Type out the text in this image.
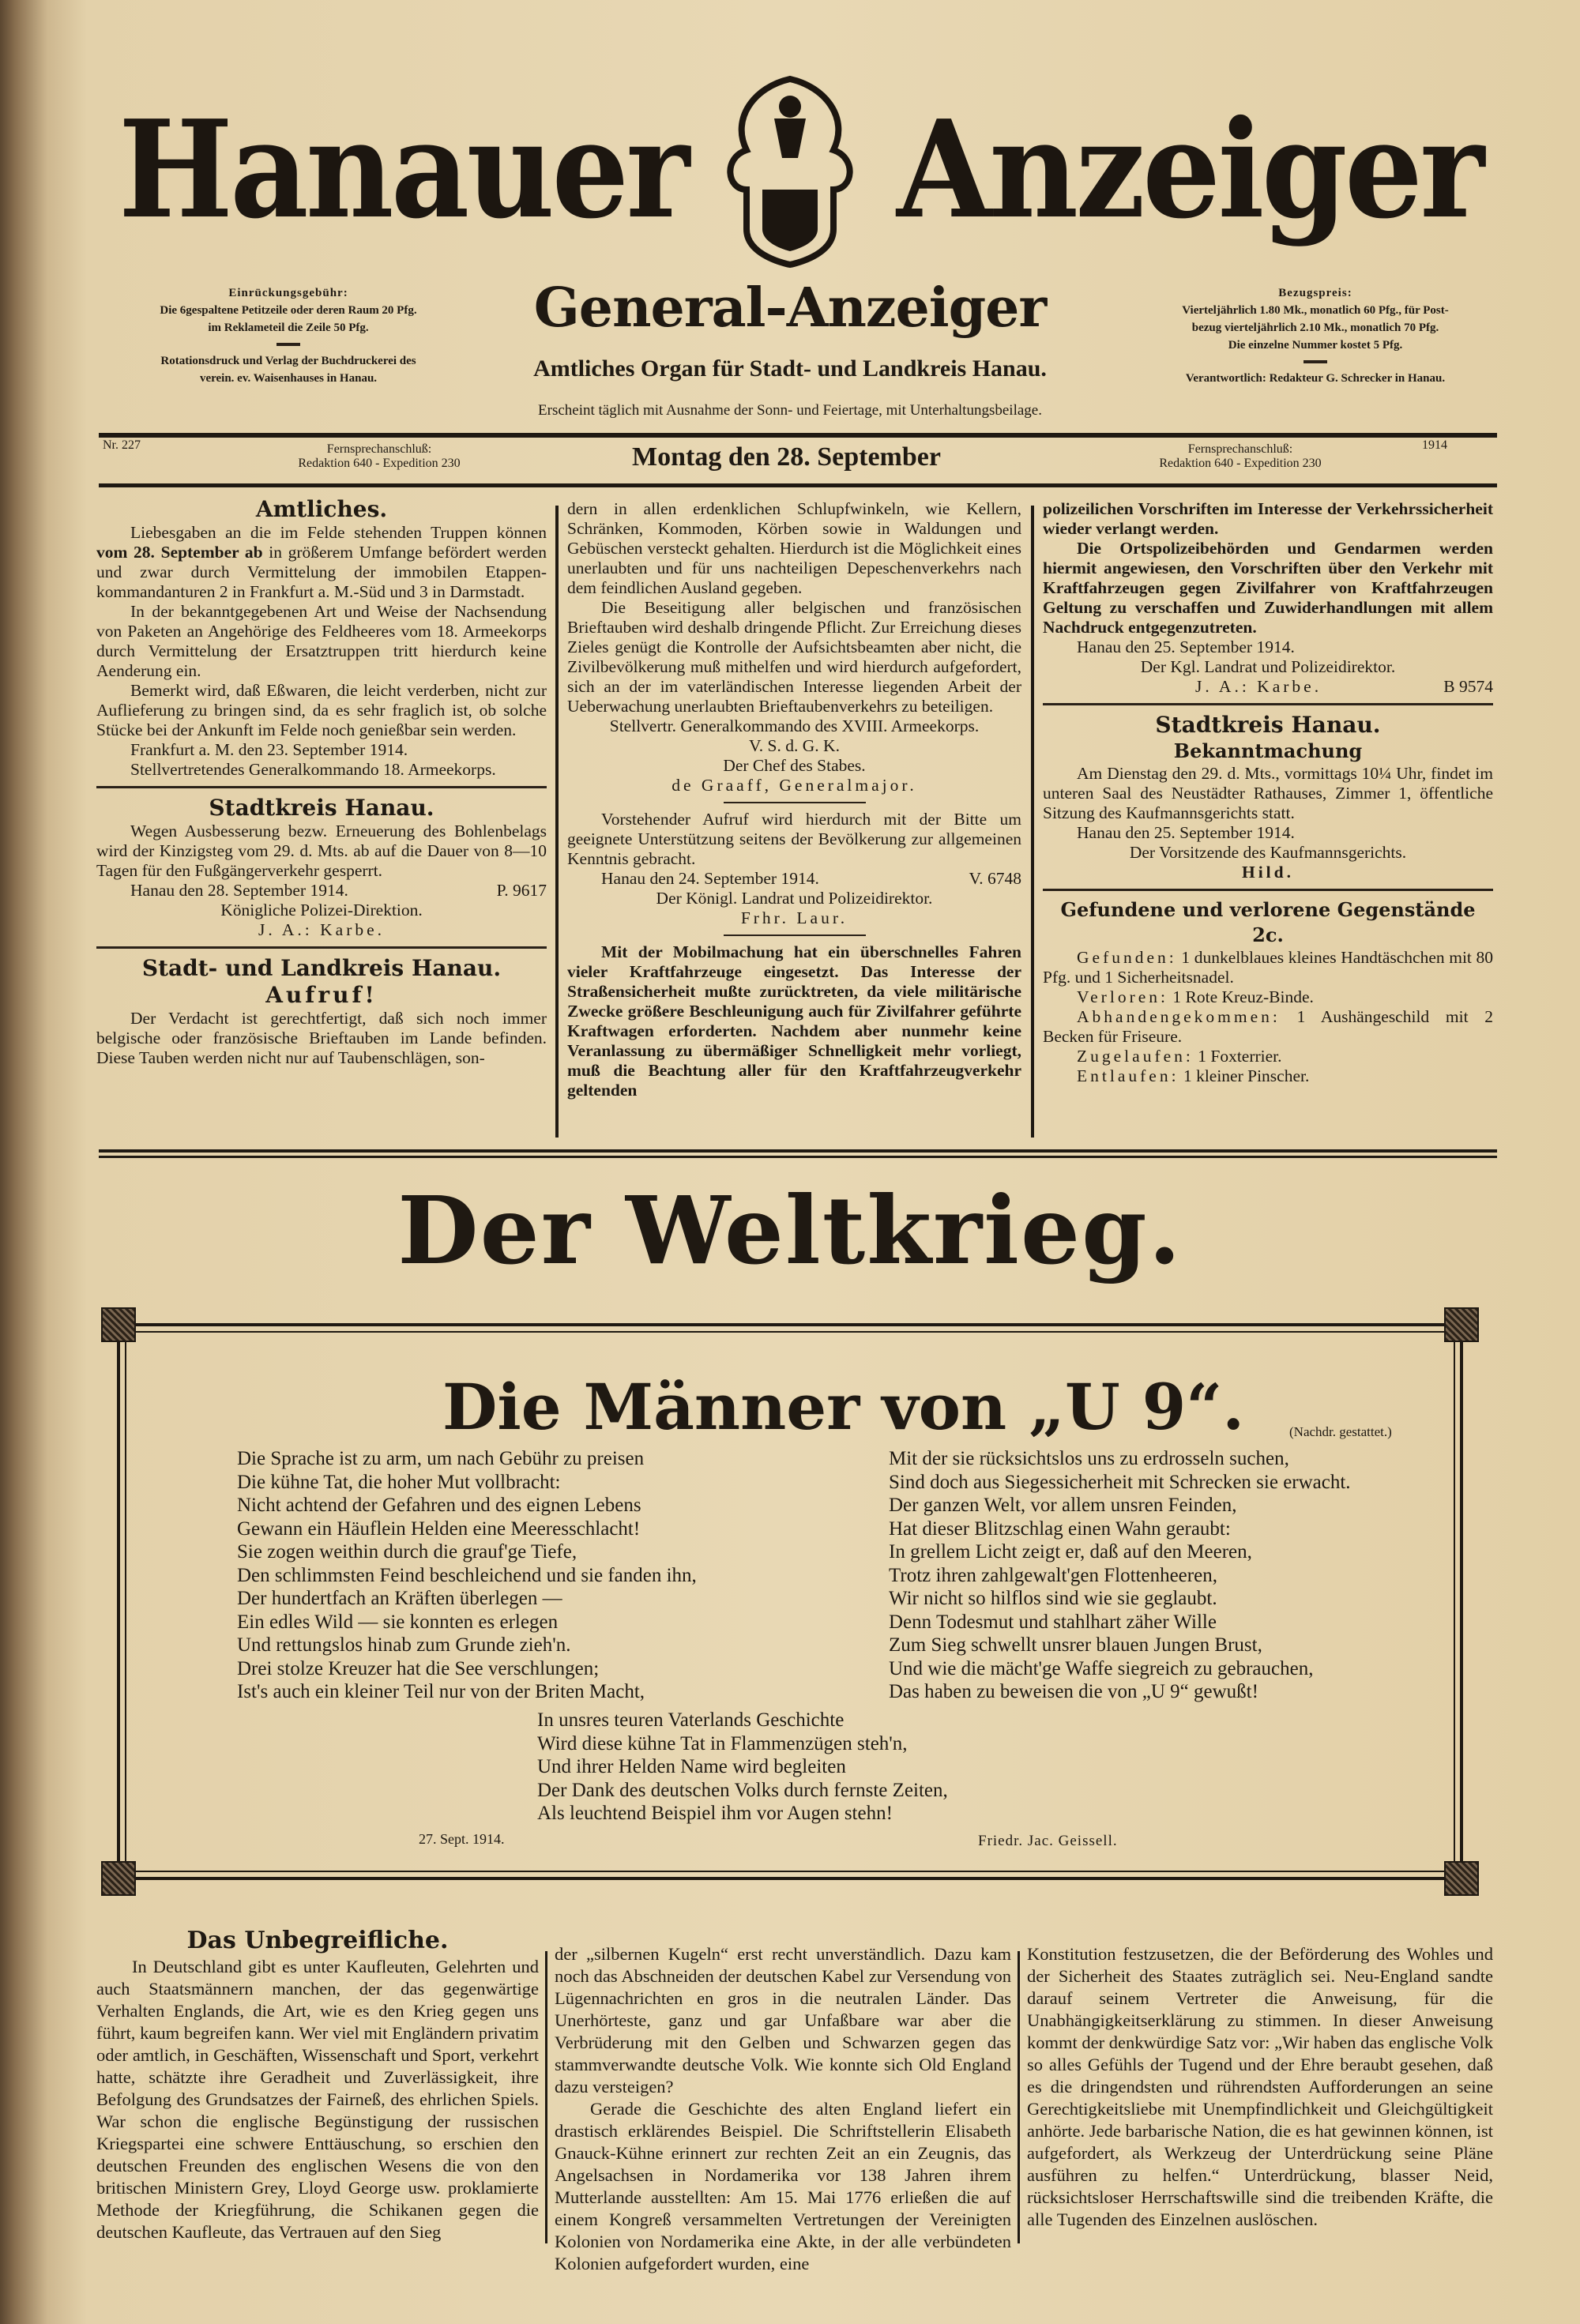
Hanauer Anzeiger
Einrückungsgebühr:
Die 6gespaltene Petitzeile oder deren Raum 20 Pfg.
im Reklameteil die Zeile 50 Pfg.
Rotationsdruck und Verlag der Buchdruckerei des
verein. ev. Waisenhauses in Hanau.
Bezugspreis:
Vierteljährlich 1.80 Mk., monatlich 60 Pfg., für Post-
bezug vierteljährlich 2.10 Mk., monatlich 70 Pfg.
Die einzelne Nummer kostet 5 Pfg.
Verantwortlich: Redakteur G. Schrecker in Hanau.
General-Anzeiger
Amtliches Organ für Stadt- und Landkreis Hanau.
Erscheint täglich mit Ausnahme der Sonn- und Feiertage, mit Unterhaltungsbeilage.
Nr. 227	Fernsprechanschluß:
Redaktion 640 - Expedition 230	Montag den 28. September	Fernsprechanschluß:
Redaktion 640 - Expedition 230
1914
Amtliches.

Liebesgaben an die im Felde stehenden Truppen können vom 28. September ab in größerem Umfange befördert werden und zwar durch Vermittelung der immobilen Etappen-kommandanturen 2 in Frankfurt a. M.-Süd und 3 in Darmstadt.

In der bekanntgegebenen Art und Weise der Nachsendung von Paketen an Angehörige des Feldheeres vom 18. Armeekorps durch Vermittelung der Ersatztruppen tritt hierdurch keine Aenderung ein.

Bemerkt wird, daß Eßwaren, die leicht verderben, nicht zur Auflieferung zu bringen sind, da es sehr fraglich ist, ob solche Stücke bei der Ankunft im Felde noch genießbar sein werden.

Frankfurt a. M. den 23. September 1914.

Stellvertretendes Generalkommando 18. Armeekorps.

Stadtkreis Hanau.

Wegen Ausbesserung bezw. Erneuerung des Bohlenbelags wird der Kinzigsteg vom 29. d. Mts. ab auf die Dauer von 8—10 Tagen für den Fußgängerverkehr gesperrt.

Hanau den 28. September 1914.	P. 9617

Königliche Polizei-Direktion.

J. A.: Karbe.

Stadt- und Landkreis Hanau.
Aufruf!

Der Verdacht ist gerechtfertigt, daß sich noch immer belgische oder französische Brieftauben im Lande befinden. Diese Tauben werden nicht nur auf Taubenschlägen, son-

dern in allen erdenklichen Schlupfwinkeln, wie Kellern, Schränken, Kommoden, Körben sowie in Waldungen und Gebüschen versteckt gehalten. Hierdurch ist die Möglichkeit eines unerlaubten und für uns nachteiligen Depeschenverkehrs nach dem feindlichen Ausland gegeben.

Die Beseitigung aller belgischen und französischen Brieftauben wird deshalb dringende Pflicht. Zur Erreichung dieses Zieles genügt die Kontrolle der Aufsichtsbeamten aber nicht, die Zivilbevölkerung muß mithelfen und wird hierdurch aufgefordert, sich an der im vaterländischen Interesse liegenden Arbeit der Ueberwachung unerlaubten Brieftaubenverkehrs zu beteiligen.

Stellvertr. Generalkommando des XVIII. Armeekorps.

V. S. d. G. K.

Der Chef des Stabes.

de Graaff, Generalmajor.

Vorstehender Aufruf wird hierdurch mit der Bitte um geeignete Unterstützung seitens der Bevölkerung zur allgemeinen Kenntnis gebracht.

Hanau den 24. September 1914.	V. 6748

Der Königl. Landrat und Polizeidirektor.

Frhr. Laur.

Mit der Mobilmachung hat ein überschnelles Fahren vieler Kraftfahrzeuge eingesetzt. Das Interesse der Straßensicherheit mußte zurücktreten, da viele militärische Zwecke größere Beschleunigung auch für Zivilfahrer geführte Kraftwagen erforderten. Nachdem aber nunmehr keine Veranlassung zu übermäßiger Schnelligkeit mehr vorliegt, muß die Beachtung aller für den Kraftfahrzeugverkehr geltenden

polizeilichen Vorschriften im Interesse der Verkehrssicherheit wieder verlangt werden.

Die Ortspolizeibehörden und Gendarmen werden hiermit angewiesen, den Vorschriften über den Verkehr mit Kraftfahrzeugen gegen Zivilfahrer von Kraftfahrzeugen Geltung zu verschaffen und Zuwiderhandlungen mit allem Nachdruck entgegenzutreten.

Hanau den 25. September 1914.

Der Kgl. Landrat und Polizeidirektor.

J. A.: Karbe.	B 9574
Stadtkreis Hanau.
Bekanntmachung

Am Dienstag den 29. d. Mts., vormittags 10¼ Uhr, findet im unteren Saal des Neustädter Rathauses, Zimmer 1, öffentliche Sitzung des Kaufmannsgerichts statt.

Hanau den 25. September 1914.

Der Vorsitzende des Kaufmannsgerichts.

Hild.

Gefundene und verlorene Gegenstände 2c.

Gefunden: 1 dunkelblaues kleines Handtäschchen mit 80 Pfg. und 1 Sicherheitsnadel.

Verloren: 1 Rote Kreuz-Binde.

Abhandengekommen: 1 Aushängeschild mit 2 Becken für Friseure.

Zugelaufen: 1 Foxterrier.

Entlaufen: 1 kleiner Pinscher.

Der Weltkrieg.
Die Männer von „U 9“.	(Nachdr. gestattet.)
Die Sprache ist zu arm, um nach Gebühr zu preisen
Die kühne Tat, die hoher Mut vollbracht:
Nicht achtend der Gefahren und des eignen Lebens
Gewann ein Häuflein Helden eine Meeresschlacht!
Sie zogen weithin durch die grauf'ge Tiefe,
Den schlimmsten Feind beschleichend und sie fanden ihn,
Der hundertfach an Kräften überlegen —
Ein edles Wild — sie konnten es erlegen
Und rettungslos hinab zum Grunde zieh'n.
Drei stolze Kreuzer hat die See verschlungen;
Ist's auch ein kleiner Teil nur von der Briten Macht,
Mit der sie rücksichtslos uns zu erdrosseln suchen,
Sind doch aus Siegessicherheit mit Schrecken sie erwacht.
Der ganzen Welt, vor allem unsren Feinden,
Hat dieser Blitzschlag einen Wahn geraubt:
In grellem Licht zeigt er, daß auf den Meeren,
Trotz ihren zahlgewalt'gen Flottenheeren,
Wir nicht so hilflos sind wie sie geglaubt.
Denn Todesmut und stahlhart zäher Wille
Zum Sieg schwellt unsrer blauen Jungen Brust,
Und wie die mächt'ge Waffe siegreich zu gebrauchen,
Das haben zu beweisen die von „U 9“ gewußt!
In unsres teuren Vaterlands Geschichte
Wird diese kühne Tat in Flammenzügen steh'n,
Und ihrer Helden Name wird begleiten
Der Dank des deutschen Volks durch fernste Zeiten,
Als leuchtend Beispiel ihm vor Augen stehn!
27. Sept. 1914.	Friedr. Jac. Geissell.
Das Unbegreifliche.

In Deutschland gibt es unter Kaufleuten, Gelehrten und auch Staatsmännern manchen, der das gegenwärtige Verhalten Englands, die Art, wie es den Krieg gegen uns führt, kaum begreifen kann. Wer viel mit Engländern privatim oder amtlich, in Geschäften, Wissenschaft und Sport, verkehrt hatte, schätzte ihre Geradheit und Zuverlässigkeit, ihre Befolgung des Grundsatzes der Fairneß, des ehrlichen Spiels. War schon die englische Begünstigung der russischen Kriegspartei eine schwere Enttäuschung, so erschien den deutschen Freunden des englischen Wesens die von den britischen Ministern Grey, Lloyd George usw. proklamierte Methode der Kriegführung, die Schikanen gegen die deutschen Kaufleute, das Vertrauen auf den Sieg

der „silbernen Kugeln“ erst recht unverständlich. Dazu kam noch das Abschneiden der deutschen Kabel zur Versendung von Lügennachrichten en gros in die neutralen Länder. Das Unerhörteste, ganz und gar Unfaßbare war aber die Verbrüderung mit den Gelben und Schwarzen gegen das stammverwandte deutsche Volk. Wie konnte sich Old England dazu versteigen?

Gerade die Geschichte des alten England liefert ein drastisch erklärendes Beispiel. Die Schriftstellerin Elisabeth Gnauck-Kühne erinnert zur rechten Zeit an ein Zeugnis, das Angelsachsen in Nordamerika vor 138 Jahren ihrem Mutterlande ausstellten: Am 15. Mai 1776 erließen die auf einem Kongreß versammelten Vertretungen der Vereinigten Kolonien von Nordamerika eine Akte, in der alle verbündeten Kolonien aufgefordert wurden, eine

Konstitution festzusetzen, die der Beförderung des Wohles und der Sicherheit des Staates zuträglich sei. Neu-England sandte darauf seinem Vertreter die Anweisung, für die Unabhängigkeitserklärung zu stimmen. In dieser Anweisung kommt der denkwürdige Satz vor: „Wir haben das englische Volk so alles Gefühls der Tugend und der Ehre beraubt gesehen, daß es die dringendsten und rührendsten Aufforderungen an seine Gerechtigkeitsliebe mit Unempfindlichkeit und Gleichgültigkeit anhörte. Jede barbarische Nation, die es hat gewinnen können, ist aufgefordert, als Werkzeug der Unterdrückung seine Pläne ausführen zu helfen.“ Unterdrückung, blasser Neid, rücksichtsloser Herrschaftswille sind die treibenden Kräfte, die alle Tugenden des Einzelnen auslöschen.
